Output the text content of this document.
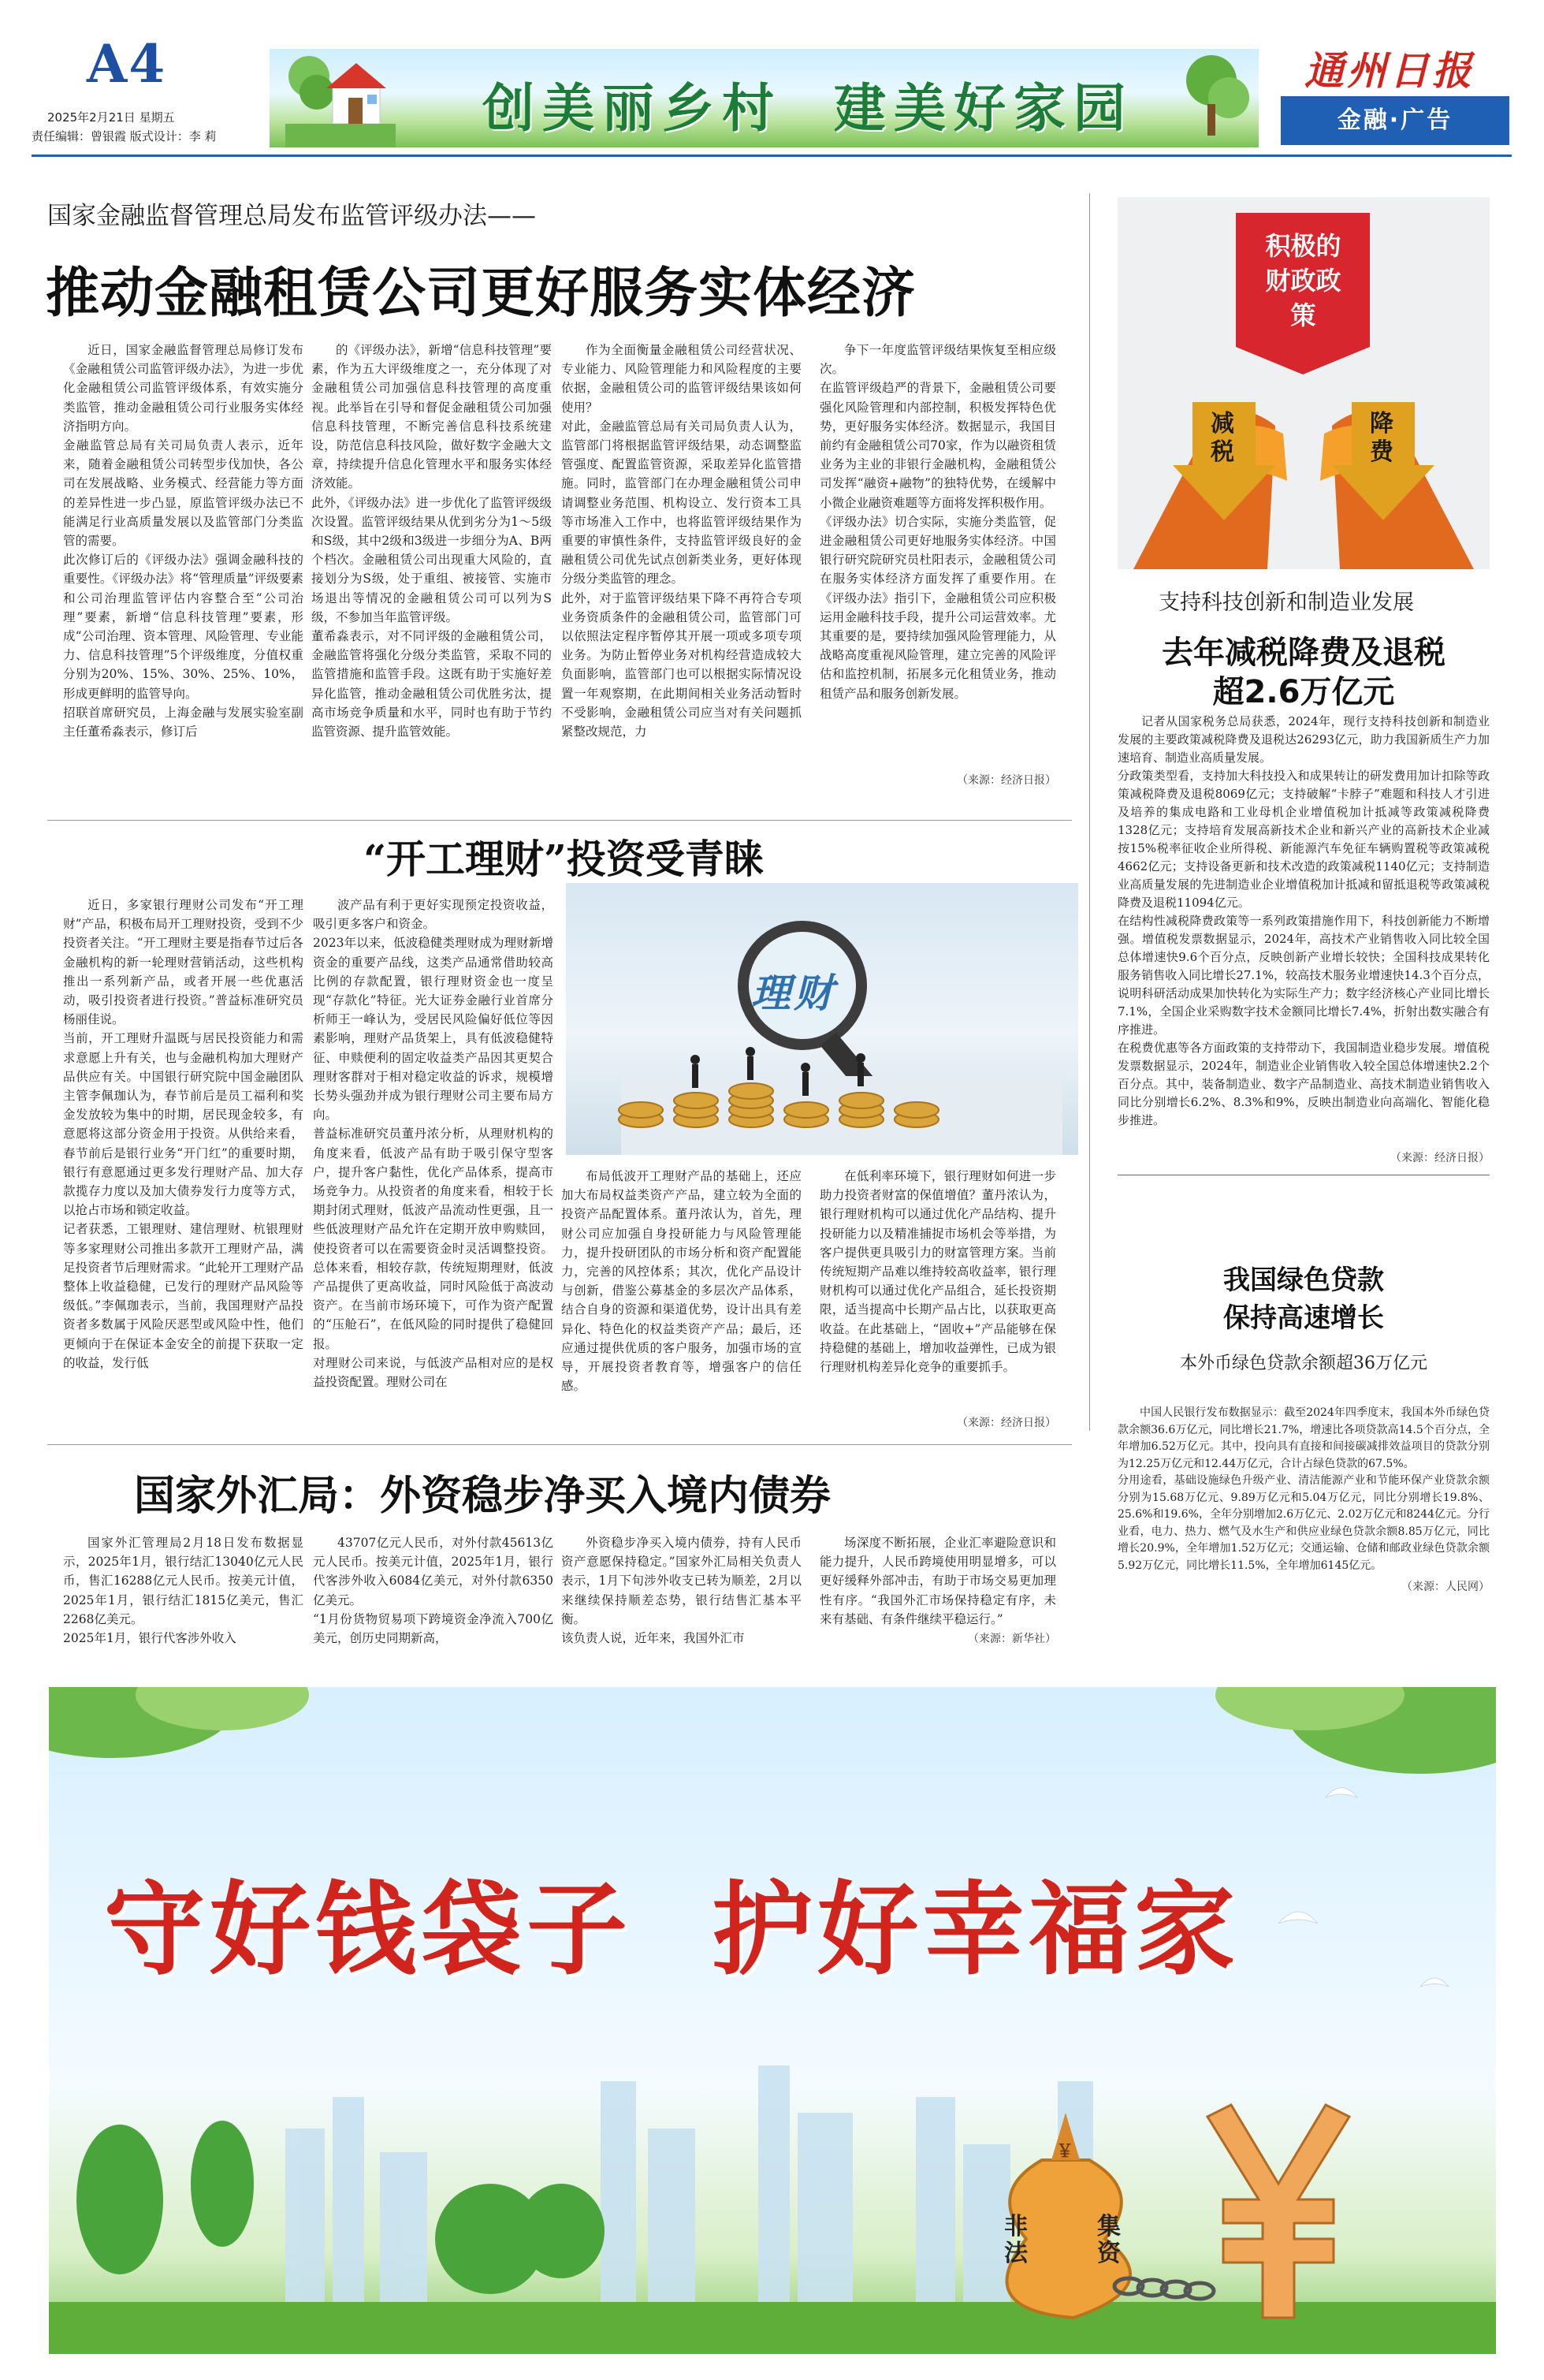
A4
2025年2月21日 星期五
责任编辑：曾银霞 版式设计：李 莉	创美丽乡村  建美好家园
通州日报
金融·广告
国家金融监督管理总局发布监管评级办法——
推动金融租赁公司更好服务实体经济
近日，国家金融监督管理总局修订发布《金融租赁公司监管评级办法》，为进一步优化金融租赁公司监管评级体系，有效实施分类监管，推动金融租赁公司行业服务实体经济指明方向。
金融监管总局有关司局负责人表示，近年来，随着金融租赁公司转型步伐加快，各公司在发展战略、业务模式、经营能力等方面的差异性进一步凸显，原监管评级办法已不能满足行业高质量发展以及监管部门分类监管的需要。
此次修订后的《评级办法》强调金融科技的重要性。《评级办法》将“管理质量”评级要素和公司治理监管评估内容整合至“公司治理”要素，新增“信息科技管理”要素，形成“公司治理、资本管理、风险管理、专业能力、信息科技管理”5个评级维度，分值权重分别为20%、15%、30%、25%、10%，形成更鲜明的监管导向。
招联首席研究员，上海金融与发展实验室副主任董希淼表示，修订后
的《评级办法》，新增“信息科技管理”要素，作为五大评级维度之一，充分体现了对金融租赁公司加强信息科技管理的高度重视。此举旨在引导和督促金融租赁公司加强信息科技管理，不断完善信息科技系统建设，防范信息科技风险，做好数字金融大文章，持续提升信息化管理水平和服务实体经济效能。
此外，《评级办法》进一步优化了监管评级级次设置。监管评级结果从优到劣分为1～5级和S级，其中2级和3级进一步细分为A、B两个档次。金融租赁公司出现重大风险的，直接划分为S级，处于重组、被接管、实施市场退出等情况的金融租赁公司可以列为S级，不参加当年监管评级。
董希淼表示，对不同评级的金融租赁公司，金融监管将强化分级分类监管，采取不同的监管措施和监管手段。这既有助于实施好差异化监管，推动金融租赁公司优胜劣汰，提高市场竞争质量和水平，同时也有助于节约监管资源、提升监管效能。
作为全面衡量金融租赁公司经营状况、专业能力、风险管理能力和风险程度的主要依据，金融租赁公司的监管评级结果该如何使用？
对此，金融监管总局有关司局负责人认为，监管部门将根据监管评级结果，动态调整监管强度、配置监管资源，采取差异化监管措施。同时，监管部门在办理金融租赁公司申请调整业务范围、机构设立、发行资本工具等市场准入工作中，也将监管评级结果作为重要的审慎性条件，支持监管评级良好的金融租赁公司优先试点创新类业务，更好体现分级分类监管的理念。
此外，对于监管评级结果下降不再符合专项业务资质条件的金融租赁公司，监管部门可以依照法定程序暂停其开展一项或多项专项业务。为防止暂停业务对机构经营造成较大负面影响，监管部门也可以根据实际情况设置一年观察期，在此期间相关业务活动暂时不受影响，金融租赁公司应当对有关问题抓紧整改规范，力
争下一年度监管评级结果恢复至相应级次。
在监管评级趋严的背景下，金融租赁公司要强化风险管理和内部控制，积极发挥特色优势，更好服务实体经济。数据显示，我国目前约有金融租赁公司70家，作为以融资租赁业务为主业的非银行金融机构，金融租赁公司发挥“融资+融物”的独特优势，在缓解中小微企业融资难题等方面将发挥积极作用。
《评级办法》切合实际，实施分类监管，促进金融租赁公司更好地服务实体经济。中国银行研究院研究员杜阳表示，金融租赁公司在服务实体经济方面发挥了重要作用。在《评级办法》指引下，金融租赁公司应积极运用金融科技手段，提升公司运营效率。尤其重要的是，要持续加强风险管理能力，从战略高度重视风险管理，建立完善的风险评估和监控机制，拓展多元化租赁业务，推动租赁产品和服务创新发展。
（来源：经济日报）
积极的财政政策
减税
降费
支持科技创新和制造业发展
去年减税降费及退税
超2.6万亿元
记者从国家税务总局获悉，2024年，现行支持科技创新和制造业发展的主要政策减税降费及退税达26293亿元，助力我国新质生产力加速培育、制造业高质量发展。
分政策类型看，支持加大科技投入和成果转让的研发费用加计扣除等政策减税降费及退税8069亿元；支持破解“卡脖子”难题和科技人才引进及培养的集成电路和工业母机企业增值税加计抵减等政策减税降费1328亿元；支持培育发展高新技术企业和新兴产业的高新技术企业减按15%税率征收企业所得税、新能源汽车免征车辆购置税等政策减税4662亿元；支持设备更新和技术改造的政策减税1140亿元；支持制造业高质量发展的先进制造业企业增值税加计抵减和留抵退税等政策减税降费及退税11094亿元。
在结构性减税降费政策等一系列政策措施作用下，科技创新能力不断增强。增值税发票数据显示，2024年，高技术产业销售收入同比较全国总体增速快9.6个百分点，反映创新产业增长较快；全国科技成果转化服务销售收入同比增长27.1%，较高技术服务业增速快14.3个百分点，说明科研活动成果加快转化为实际生产力；数字经济核心产业同比增长7.1%，全国企业采购数字技术金额同比增长7.4%，折射出数实融合有序推进。
在税费优惠等各方面政策的支持带动下，我国制造业稳步发展。增值税发票数据显示，2024年，制造业企业销售收入较全国总体增速快2.2个百分点。其中，装备制造业、数字产品制造业、高技术制造业销售收入同比分别增长6.2%、8.3%和9%，反映出制造业向高端化、智能化稳步推进。
（来源：经济日报）
我国绿色贷款
保持高速增长
本外币绿色贷款余额超36万亿元
中国人民银行发布数据显示：截至2024年四季度末，我国本外币绿色贷款余额36.6万亿元，同比增长21.7%，增速比各项贷款高14.5个百分点，全年增加6.52万亿元。其中，投向具有直接和间接碳减排效益项目的贷款分别为12.25万亿元和12.44万亿元，合计占绿色贷款的67.5%。
分用途看，基础设施绿色升级产业、清洁能源产业和节能环保产业贷款余额分别为15.68万亿元、9.89万亿元和5.04万亿元，同比分别增长19.8%、25.6%和19.6%，全年分别增加2.6万亿元、2.02万亿元和8244亿元。分行业看，电力、热力、燃气及水生产和供应业绿色贷款余额8.85万亿元，同比增长20.9%，全年增加1.52万亿元；交通运输、仓储和邮政业绿色贷款余额5.92万亿元，同比增长11.5%，全年增加6145亿元。
（来源：人民网）
“开工理财”投资受青睐
近日，多家银行理财公司发布“开工理财”产品，积极布局开工理财投资，受到不少投资者关注。“开工理财主要是指春节过后各金融机构的新一轮理财营销活动，这些机构推出一系列新产品，或者开展一些优惠活动，吸引投资者进行投资。”普益标准研究员杨丽佳说。
当前，开工理财升温既与居民投资能力和需求意愿上升有关，也与金融机构加大理财产品供应有关。中国银行研究院中国金融团队主管李佩珈认为，春节前后是员工福利和奖金发放较为集中的时期，居民现金较多，有意愿将这部分资金用于投资。从供给来看，春节前后是银行业务“开门红”的重要时期，银行有意愿通过更多发行理财产品、加大存款揽存力度以及加大债券发行力度等方式，以抢占市场和锁定收益。
记者获悉，工银理财、建信理财、杭银理财等多家理财公司推出多款开工理财产品，满足投资者节后理财需求。“此轮开工理财产品整体上收益稳健，已发行的理财产品风险等级低。”李佩珈表示，当前，我国理财产品投资者多数属于风险厌恶型或风险中性，他们更倾向于在保证本金安全的前提下获取一定的收益，发行低
波产品有利于更好实现预定投资收益，吸引更多客户和资金。
2023年以来，低波稳健类理财成为理财新增资金的重要产品线，这类产品通常借助较高比例的存款配置，银行理财资金也一度呈现“存款化”特征。光大证券金融行业首席分析师王一峰认为，受居民风险偏好低位等因素影响，理财产品货架上，具有低波稳健特征、申赎便利的固定收益类产品因其更契合理财客群对于相对稳定收益的诉求，规模增长势头强劲并成为银行理财公司主要布局方向。
普益标准研究员董丹浓分析，从理财机构的角度来看，低波产品有助于吸引保守型客户，提升客户黏性，优化产品体系，提高市场竞争力。从投资者的角度来看，相较于长期封闭式理财，低波产品流动性更强，且一些低波理财产品允许在定期开放申购赎回，使投资者可以在需要资金时灵活调整投资。总体来看，相较存款，传统短期理财，低波产品提供了更高收益，同时风险低于高波动资产。在当前市场环境下，可作为资产配置的“压舱石”，在低风险的同时提供了稳健回报。
对理财公司来说，与低波产品相对应的是权益投资配置。理财公司在
理财
布局低波开工理财产品的基础上，还应加大布局权益类资产产品，建立较为全面的投资产品配置体系。董丹浓认为，首先，理财公司应加强自身投研能力与风险管理能力，提升投研团队的市场分析和资产配置能力，完善的风控体系；其次，优化产品设计与创新，借鉴公募基金的多层次产品体系，结合自身的资源和渠道优势，设计出具有差异化、特色化的权益类资产产品；最后，还应通过提供优质的客户服务，加强市场的宣导，开展投资者教育等，增强客户的信任感。
在低利率环境下，银行理财如何进一步助力投资者财富的保值增值？董丹浓认为，银行理财机构可以通过优化产品结构、提升投研能力以及精准捕捉市场机会等举措，为客户提供更具吸引力的财富管理方案。当前传统短期产品难以维持较高收益率，银行理财机构可以通过优化产品组合，延长投资期限，适当提高中长期产品占比，以获取更高收益。在此基础上，“固收+”产品能够在保持稳健的基础上，增加收益弹性，已成为银行理财机构差异化竞争的重要抓手。
（来源：经济日报）
国家外汇局：外资稳步净买入境内债券
国家外汇管理局2月18日发布数据显示，2025年1月，银行结汇13040亿元人民币，售汇16288亿元人民币。按美元计值，2025年1月，银行结汇1815亿美元，售汇2268亿美元。
2025年1月，银行代客涉外收入
43707亿元人民币，对外付款45613亿元人民币。按美元计值，2025年1月，银行代客涉外收入6084亿美元，对外付款6350亿美元。
“1月份货物贸易项下跨境资金净流入700亿美元，创历史同期新高，
外资稳步净买入境内债券，持有人民币资产意愿保持稳定。”国家外汇局相关负责人表示，1月下旬涉外收支已转为顺差，2月以来继续保持顺差态势，银行结售汇基本平衡。
该负责人说，近年来，我国外汇市
场深度不断拓展，企业汇率避险意识和能力提升，人民币跨境使用明显增多，可以更好缓释外部冲击，有助于市场交易更加理性有序。“我国外汇市场保持稳定有序，未来有基础、有条件继续平稳运行。”
（来源：新华社）
守好钱袋子  护好幸福家
非法
集资
￥
